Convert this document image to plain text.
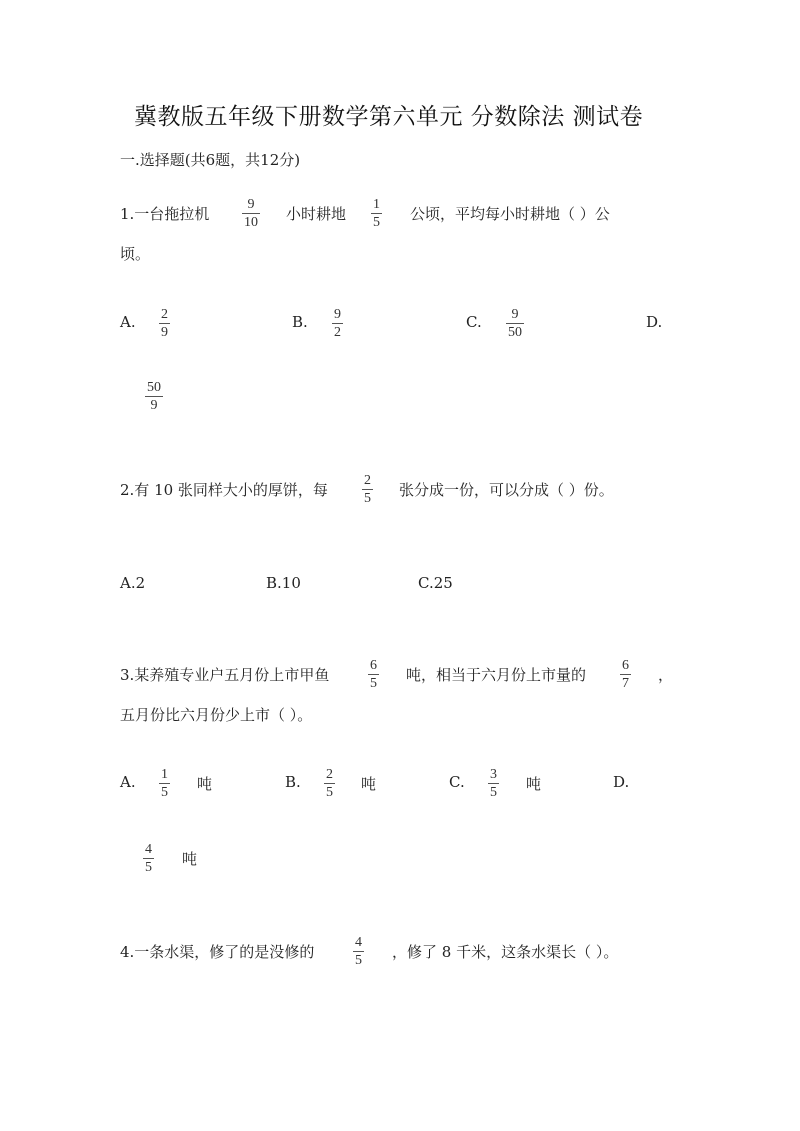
冀教版五年级下册数学第六单元 分数除法 测试卷
一.选择题(共6题，共12分)
1.一台拖拉机
9
10 小时耕地
1
5 公顷，平均每小时耕地（ ）公
顷。
A. 2
9
B. 9
2
C. 9
50
D.
50
9
2.有 10 张同样大小的厚饼，每
2
5 张分成一份，可以分成（ ）份。
A.2	B.10	C.25
3.某养殖专业户五月份上市甲鱼
6
5 吨，相当于六月份上市量的
6
7 ，
五月份比六月份少上市（ ）。
A. 1
5 吨	B. 2
5 吨	C. 3
5 吨	D.
4
5 吨
4.一条水渠，修了的是没修的
4
5 ，修了 8 千米，这条水渠长（ ）。
